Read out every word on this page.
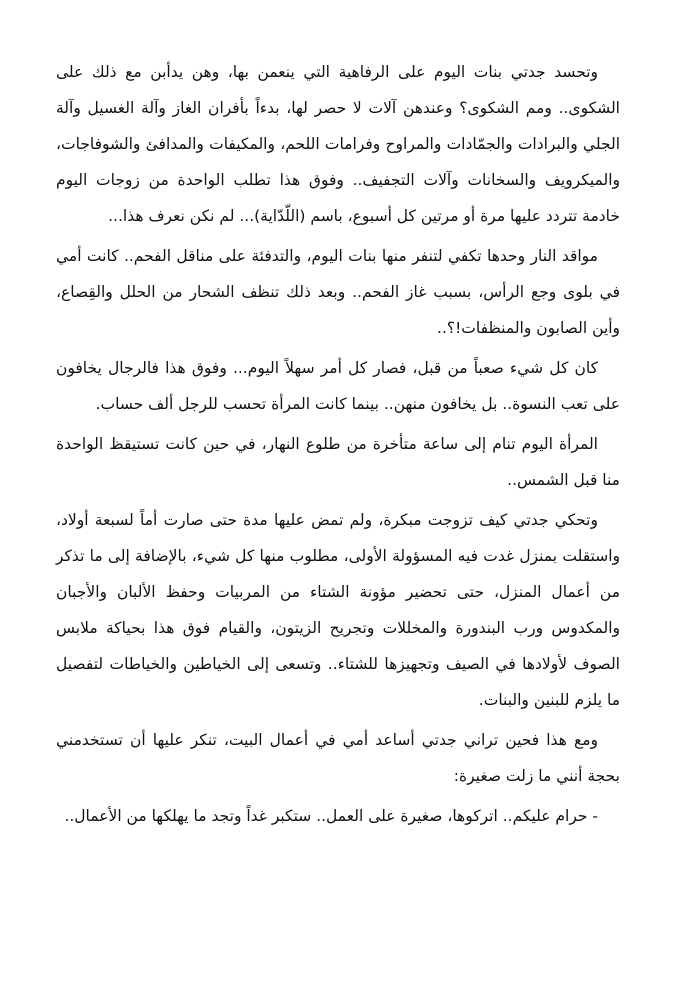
وتحسد جدتي بنات اليوم على الرفاهية التي ينعمن بها، وهن يدأبن مع ذلك على الشكوى.. ومم الشكوى؟ وعندهن آلات لا حصر لها، بدءاً بأفران الغاز وآلة الغسيل وآلة الجلي والبرادات والجمّادات والمراوح وفرامات اللحم، والمكيفات والمدافئ والشوفاجات، والميكرويف والسخانات وآلات التجفيف.. وفوق هذا تطلب الواحدة من زوجات اليوم خادمة تتردد عليها مرة أو مرتين كل أسبوع، باسم (اللّدّاية)... لم نكن نعرف هذا...

مواقد النار وحدها تكفي لتنفر منها بنات اليوم، والتدفئة على مناقل الفحم.. كانت أمي في بلوى وجع الرأس، بسبب غاز الفحم.. وبعد ذلك تنظف الشحار من الحلل والقِصاع، وأين الصابون والمنظفات!؟..

كان كل شيء صعباً من قبل، فصار كل أمر سهلاً اليوم... وفوق هذا فالرجال يخافون على تعب النسوة.. بل يخافون منهن.. بينما كانت المرأة تحسب للرجل ألف حساب.

المرأة اليوم تنام إلى ساعة متأخرة من طلوع النهار، في حين كانت تستيقظ الواحدة منا قبل الشمس..

وتحكي جدتي كيف تزوجت مبكرة، ولم تمض عليها مدة حتى صارت أماً لسبعة أولاد، واستقلت بمنزل غدت فيه المسؤولة الأولى، مطلوب منها كل شيء، بالإضافة إلى ما تذكر من أعمال المنزل، حتى تحضير مؤونة الشتاء من المربيات وحفظ الألبان والأجبان والمكدوس ورب البندورة والمخللات وتجريح الزيتون، والقيام فوق هذا بحياكة ملابس الصوف لأولادها في الصيف وتجهيزها للشتاء.. وتسعى إلى الخياطين والخياطات لتفصيل ما يلزم للبنين والبنات.

ومع هذا فحين تراني جدتي أساعد أمي في أعمال البيت، تنكر عليها أن تستخدمني بحجة أنني ما زلت صغيرة:

- حرام عليكم.. اتركوها، صغيرة على العمل.. ستكبر غداً وتجد ما يهلكها من الأعمال..
